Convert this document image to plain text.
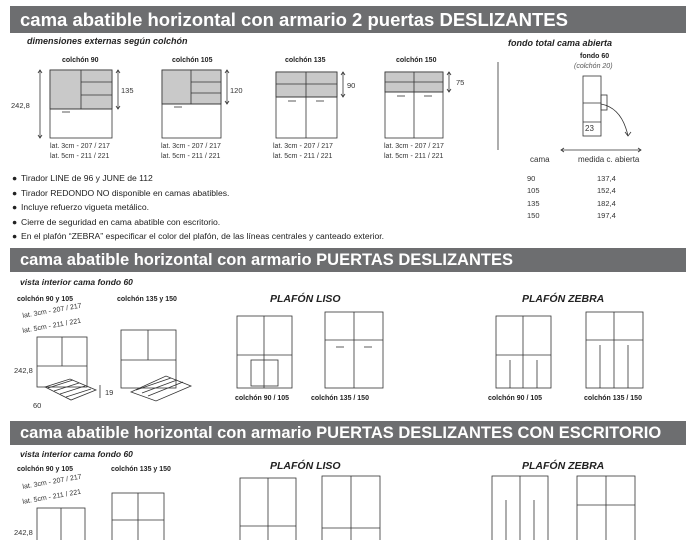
cama abatible horizontal con armario 2 puertas DESLIZANTES
dimensiones externas según colchón	fondo total cama abierta
242,8
colchón 90	colchón 105	colchón 135	colchón 150
135	120
90	75
lat. 3cm - 207 / 217
lat. 5cm - 211 / 221
lat. 3cm - 207 / 217
lat. 5cm - 211 / 221
lat. 3cm - 207 / 217
lat. 5cm - 211 / 221
lat. 3cm - 207 / 217
lat. 5cm - 211 / 221
fondo 60
(colchón 20)
23
cama	medida c. abierta
90	137,4
105	152,4
135	182,4
150	197,4
● Tirador LINE de 96 y JUNE de 112
● Tirador REDONDO NO disponible en camas abatibles.
● Incluye refuerzo vigueta metálico.
● Cierre de seguridad en cama abatible con escritorio.
● En el plafón “ZEBRA” especificar el color del plafón, de las líneas centrales y canteado exterior.
cama abatible horizontal con armario PUERTAS DESLIZANTES
vista interior cama fondo 60
colchón 90 y 105	colchón 135 y 150
lat. 3cm - 207 / 217
lat. 5cm - 211 / 221
242,8
60
19
PLAFÓN LISO	PLAFÓN ZEBRA
colchón 90 / 105	colchón 135 / 150	colchón 90 / 105	colchón 135 / 150
cama abatible horizontal con armario PUERTAS DESLIZANTES CON ESCRITORIO
vista interior cama fondo 60
colchón 90 y 105	colchón 135 y 150
lat. 3cm - 207 / 217
lat. 5cm - 211 / 221
242,8
PLAFÓN LISO	PLAFÓN ZEBRA
